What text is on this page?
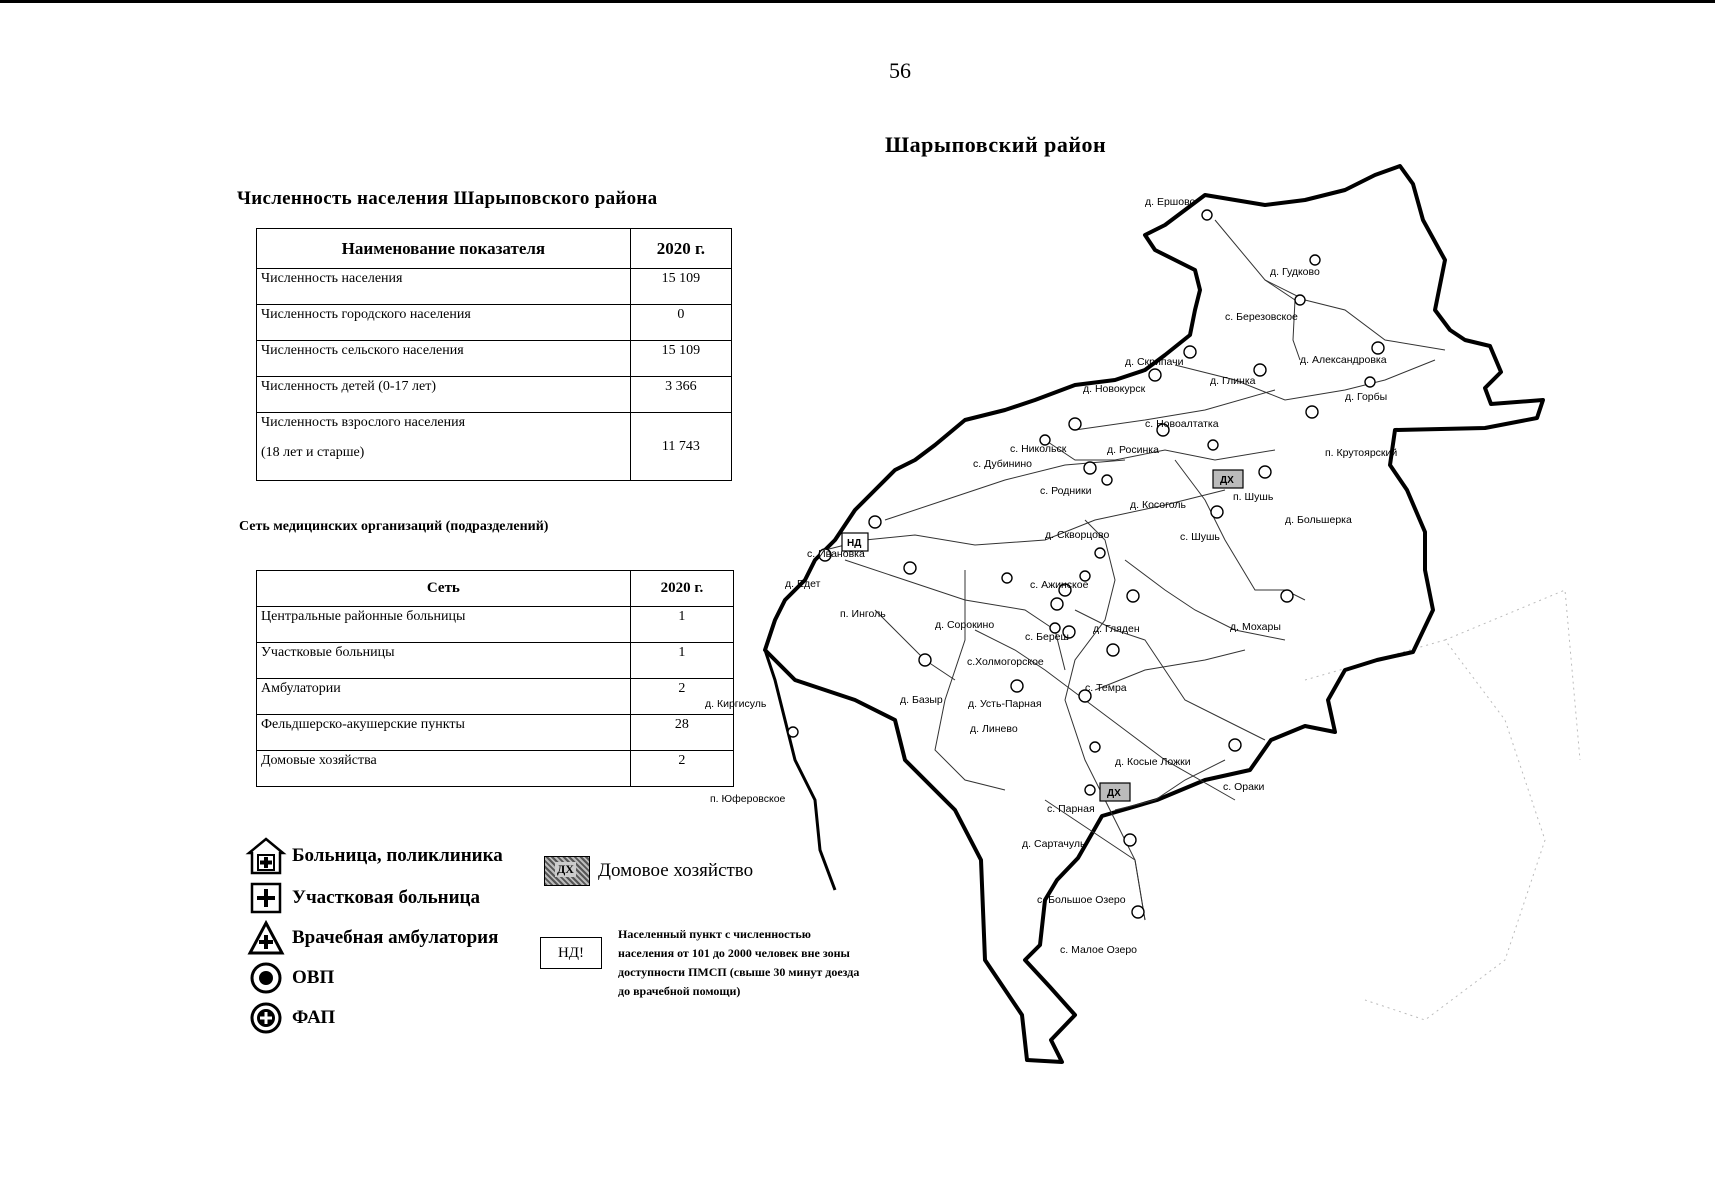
56
Шарыповский район
Численность населения Шарыповского района
Наименование показателя	2020 г.
Численность населения	15 109
Численность городского населения	0
Численность сельского населения	15 109
Численность детей (0-17 лет)	3 366

Численность взрослого населения
(18 лет и старше)	11 743
Сеть медицинских организаций (подразделений)
Сеть	2020 г.
Центральные районные больницы	1
Участковые больницы	1
Амбулатории	2
Фельдшерско-акушерские пункты	28
Домовые хозяйства	2
Больница, поликлиника
Участковая больница
Врачебная амбулатория
ОВП
ФАП
ДХ Домовое хозяйство
НД!
Населенный пункт с численностью населения от 101 до 2000 человек вне зоны доступности ПМСП (свыше 30 минут доезда до врачебной помощи)
ДХ
ДХ
НД
д. Ершово
д. Гудково
с. Березовское
д. Скрипачи	д. Александровка
д. Новокурск
д. Глинка
д. Горбы
с. Новоалтатка
с. Никольск	д. Росинка	п. Крутоярский
с. Дубинино
с. Родники
д. Косоголь
п. Шушь
д. Большерка
д. Скворцово	с. Шушь
с. Ивановка
с. Ажинское
д. Едет
п. Инголь
д. Сорокино
с. Береш
д. Гляден	д. Мохары
с.Холмогорское
д. Базыр д. Усть-Парная
с. Темра
д. Киргисуль
д. Линево
д. Косые Ложки
п. Юферовское
с. Парная
с. Ораки
д. Сартачуль
с. Большое Озеро
с. Малое Озеро
